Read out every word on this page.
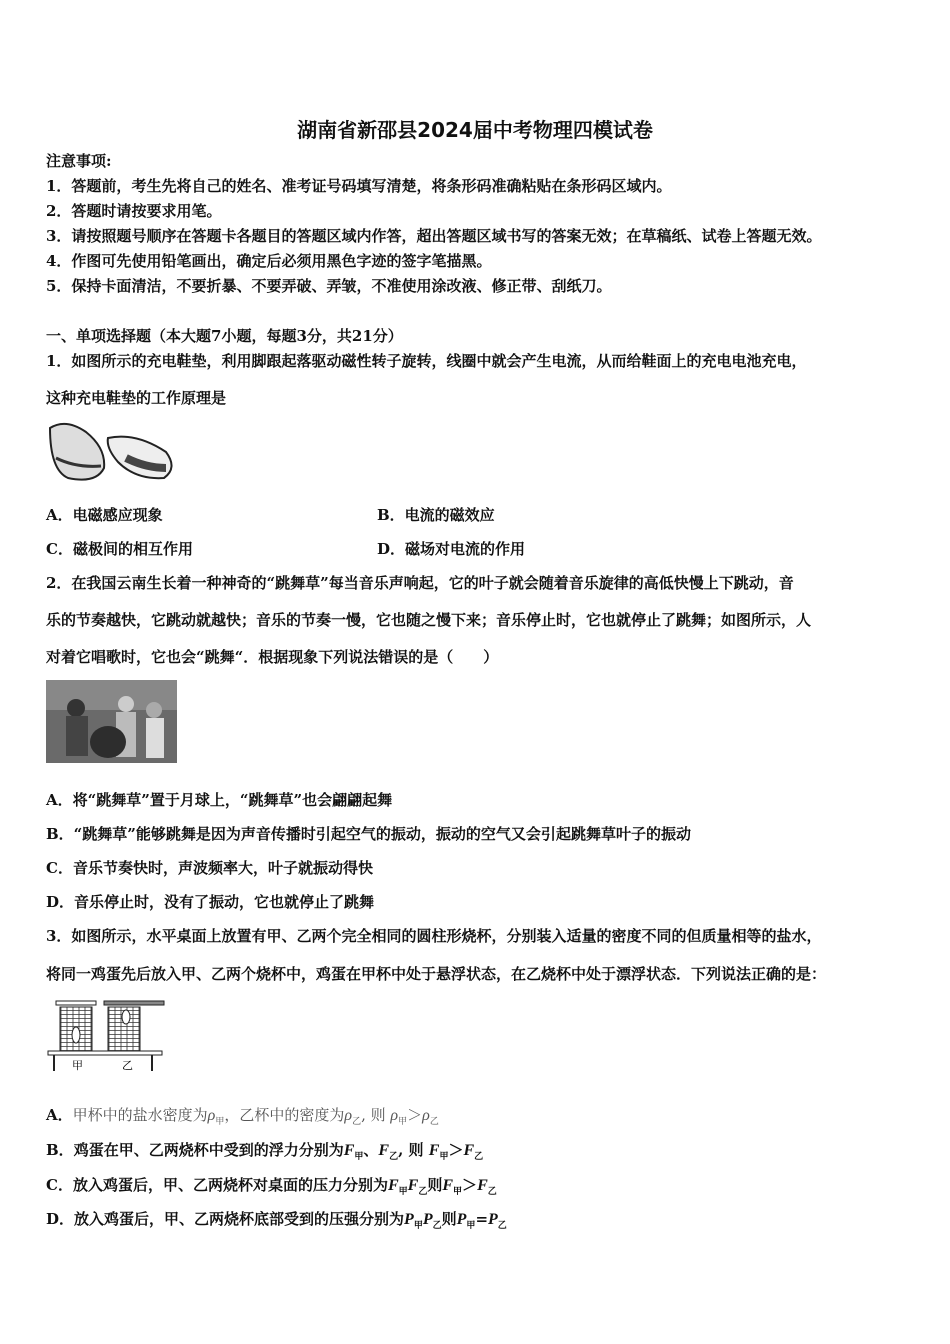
湖南省新邵县2024届中考物理四模试卷
注意事项:
1．答题前，考生先将自己的姓名、准考证号码填写清楚，将条形码准确粘贴在条形码区域内。
2．答题时请按要求用笔。
3．请按照题号顺序在答题卡各题目的答题区域内作答，超出答题区域书写的答案无效；在草稿纸、试卷上答题无效。
4．作图可先使用铅笔画出，确定后必须用黑色字迹的签字笔描黑。
5．保持卡面清洁，不要折暴、不要弄破、弄皱，不准使用涂改液、修正带、刮纸刀。
一、单项选择题（本大题7小题，每题3分，共21分）
1．如图所示的充电鞋垫，利用脚跟起落驱动磁性转子旋转，线圈中就会产生电流，从而给鞋面上的充电电池充电，
这种充电鞋垫的工作原理是
A．电磁感应现象	B．电流的磁效应
C．磁极间的相互作用	D．磁场对电流的作用
2．在我国云南生长着一种神奇的“跳舞草”每当音乐声响起，它的叶子就会随着音乐旋律的高低快慢上下跳动，音
乐的节奏越快，它跳动就越快；音乐的节奏一慢，它也随之慢下来；音乐停止时，它也就停止了跳舞；如图所示，人
对着它唱歌时，它也会“跳舞“．根据现象下列说法错误的是（　　）
A．将“跳舞草”置于月球上，“跳舞草”也会翩翩起舞
B．“跳舞草”能够跳舞是因为声音传播时引起空气的振动，振动的空气又会引起跳舞草叶子的振动
C．音乐节奏快时，声波频率大，叶子就振动得快
D．音乐停止时，没有了振动，它也就停止了跳舞
3．如图所示，水平桌面上放置有甲、乙两个完全相同的圆柱形烧杯，分别装入适量的密度不同的但质量相等的盐水，
将同一鸡蛋先后放入甲、乙两个烧杯中，鸡蛋在甲杯中处于悬浮状态，在乙烧杯中处于漂浮状态．下列说法正确的是：
甲	乙
A．甲杯中的盐水密度为$\rho_甲$，乙杯中的密度为$\rho_乙$, 则 $\rho_甲>\rho_乙$
B．鸡蛋在甲、乙两烧杯中受到的浮力分别为$F_甲$、$F_乙$, 则 $F_甲>F_乙$
C．放入鸡蛋后，甲、乙两烧杯对桌面的压力分别为$F_甲F_乙$则$F_甲>F_乙$
D．放入鸡蛋后，甲、乙两烧杯底部受到的压强分别为$P_甲P_乙$则$P_甲=P_乙$
